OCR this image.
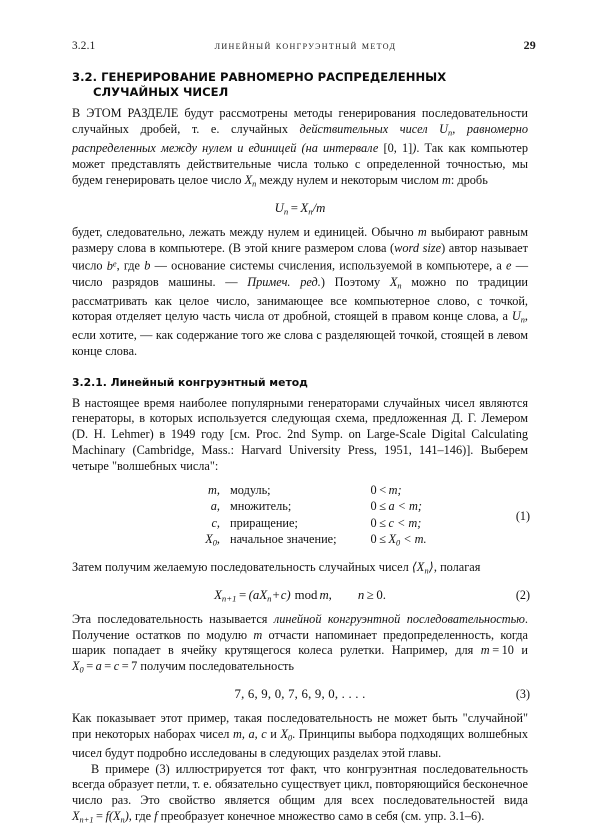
3.2.1	линейный конгруэнтный метод	29
3.2. ГЕНЕРИРОВАНИЕ РАВНОМЕРНО РАСПРЕДЕЛЕННЫХ
СЛУЧАЙНЫХ ЧИСЕЛ

В ЭТОМ РАЗДЕЛЕ будут рассмотрены методы генерирования последовательности случайных дробей, т. е. случайных действительных чисел $U_n$, равномерно распределенных между нулем и единицей (на интервале [0, 1]). Так как компьютер может представлять действительные числа только с определенной точностью, мы будем генерировать целое число $X_n$ между нулем и некоторым числом m: дробь

$U_n = X_n/m$

будет, следовательно, лежать между нулем и единицей. Обычно m выбирают равным размеру слова в компьютере. (В этой книге размером слова (word size) автор называет число $b^e$, где b — основание системы счисления, используемой в компьютере, а e — число разрядов машины. — Примеч. ред.) Поэтому $X_n$ можно по традиции рассматривать как целое число, занимающее все компьютерное слово, с точкой, которая отделяет целую часть числа от дробной, стоящей в правом конце слова, а $U_n$, если хотите, — как содержание того же слова с разделяющей точкой, стоящей в левом конце слова.

3.2.1. Линейный конгруэнтный метод

В настоящее время наиболее популярными генераторами случайных чисел являются генераторы, в которых используется следующая схема, предложенная Д. Г. Лемером (D. H. Lehmer) в 1949 году [см. Proc. 2nd Symp. on Large-Scale Digital Calculating Machinary (Cambridge, Mass.: Harvard University Press, 1951, 141–146)]. Выберем четыре "волшебных числа":

m,	модуль;	0 < m;
a,	множитель;	0 ≤ a < m;
c,	приращение;	0 ≤ c < m;
$X_0$,	начальное значение;	$0 \le X_0 < m$.
(1)

Затем получим желаемую последовательность случайных чисел $⟨X_n⟩$, полагая

$X_{n+1} = (aX_n+c)$ mod m, n ≥ 0.	(2)

Эта последовательность называется линейной конгруэнтной последовательностью. Получение остатков по модулю m отчасти напоминает предопределенность, когда шарик попадает в ячейку крутящегося колеса рулетки. Например, для m = 10 и $X_0 = a = c = 7$ получим последовательность

7, 6, 9, 0, 7, 6, 9, 0, . . . .	(3)

Как показывает этот пример, такая последовательность не может быть "случайной" при некоторых наборах чисел m, a, c и $X_0$. Принципы выбора подходящих волшебных чисел будут подробно исследованы в следующих разделах этой главы.

В примере (3) иллюстрируется тот факт, что конгруэнтная последовательность всегда образует петли, т. е. обязательно существует цикл, повторяющийся бесконечное число раз. Это свойство является общим для всех последовательностей вида $X_{n+1} = f(X_n)$, где f преобразует конечное множество само в себя (см. упр. 3.1–6).
